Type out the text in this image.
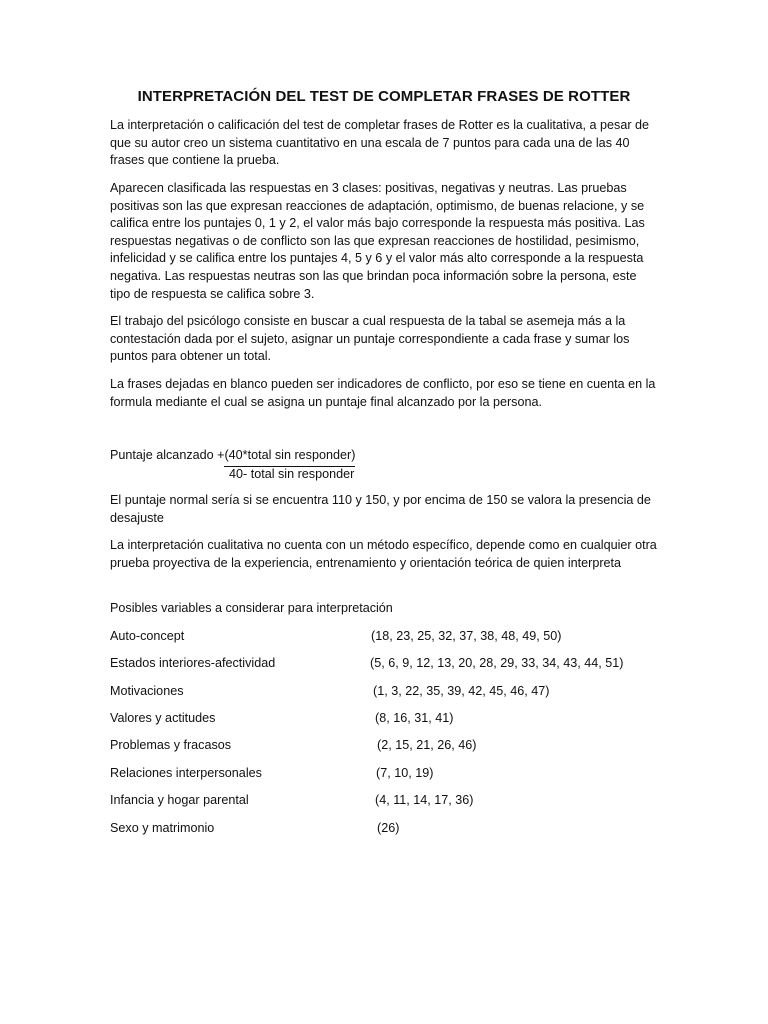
INTERPRETACIÓN DEL TEST DE COMPLETAR FRASES DE ROTTER

La interpretación o calificación del test de completar frases de Rotter es la cualitativa, a pesar de que su autor creo un sistema cuantitativo en una escala de 7 puntos para cada una de las 40 frases que contiene la prueba.

Aparecen clasificada las respuestas en 3 clases: positivas, negativas y neutras. Las pruebas positivas son las que expresan reacciones de adaptación, optimismo, de buenas relacione, y se califica entre los puntajes 0, 1 y 2, el valor más bajo corresponde la respuesta más positiva. Las respuestas negativas o de conflicto son las que expresan reacciones de hostilidad, pesimismo, infelicidad y se califica entre los puntajes 4, 5 y 6 y el valor más alto corresponde a la respuesta negativa. Las respuestas neutras son las que brindan poca información sobre la persona, este tipo de respuesta se califica sobre 3.

El trabajo del psicólogo consiste en buscar a cual respuesta de la tabal se asemeja más a la contestación dada por el sujeto, asignar un puntaje correspondiente a cada frase y sumar los puntos para obtener un total.

La frases dejadas en blanco pueden ser indicadores de conflicto, por eso se tiene en cuenta en la formula mediante el cual se asigna un puntaje final alcanzado por la persona.

Puntaje alcanzado +(40*total sin responder)
40- total sin responder

El puntaje normal sería si se encuentra 110 y 150, y por encima de 150 se valora la presencia de desajuste

La interpretación cualitativa no cuenta con un método específico, depende como en cualquier otra prueba proyectiva de la experiencia, entrenamiento y orientación teórica de quien interpreta

Posibles variables a considerar para interpretación

Auto-concept	(18, 23, 25, 32, 37, 38, 48, 49, 50)
Estados interiores-afectividad	(5, 6, 9, 12, 13, 20, 28, 29, 33, 34, 43, 44, 51)
Motivaciones	(1, 3, 22, 35, 39, 42, 45, 46, 47)
Valores y actitudes	(8, 16, 31, 41)
Problemas y fracasos	(2, 15, 21, 26, 46)
Relaciones interpersonales	(7, 10, 19)
Infancia y hogar parental	(4, 11, 14, 17, 36)
Sexo y matrimonio	(26)
